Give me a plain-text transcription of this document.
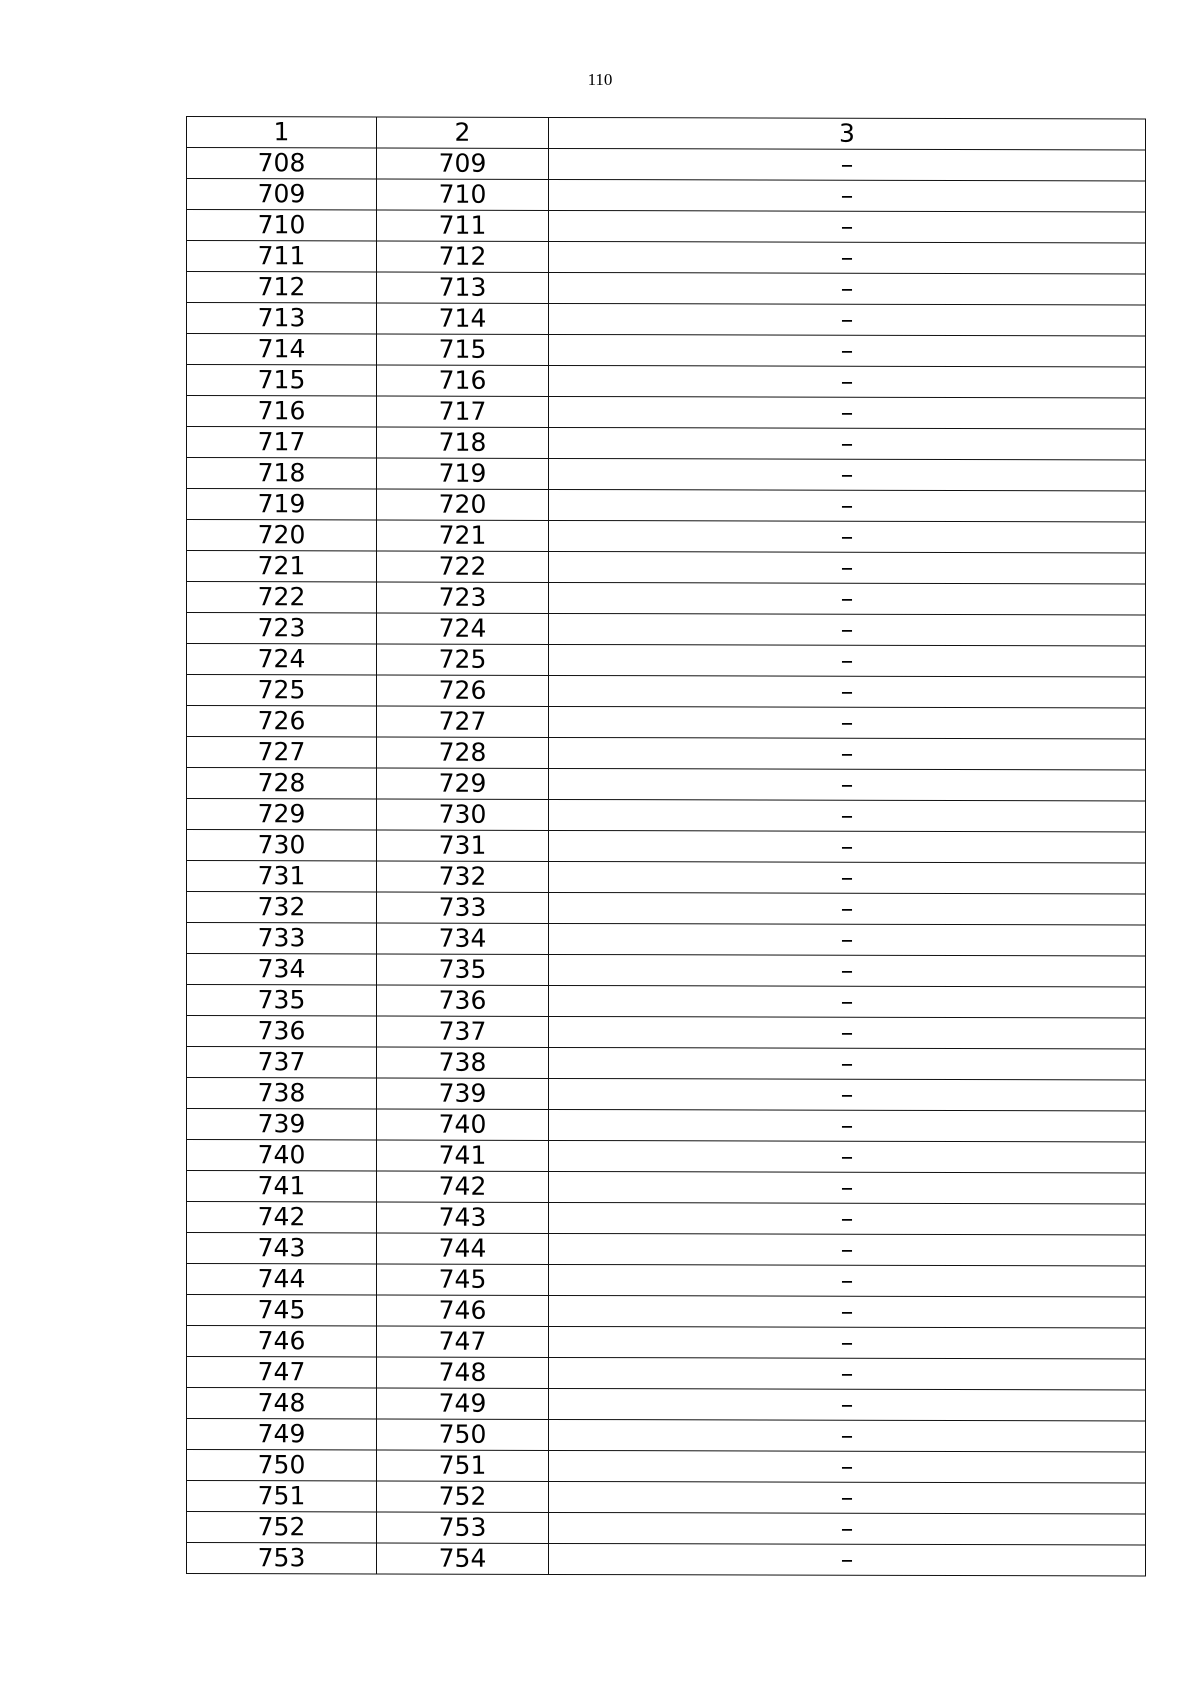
110
1	2	3
708	709	–
709	710	–
710	711	–
711	712	–
712	713	–
713	714	–
714	715	–
715	716	–
716	717	–
717	718	–
718	719	–
719	720	–
720	721	–
721	722	–
722	723	–
723	724	–
724	725	–
725	726	–
726	727	–
727	728	–
728	729	–
729	730	–
730	731	–
731	732	–
732	733	–
733	734	–
734	735	–
735	736	–
736	737	–
737	738	–
738	739	–
739	740	–
740	741	–
741	742	–
742	743	–
743	744	–
744	745	–
745	746	–
746	747	–
747	748	–
748	749	–
749	750	–
750	751	–
751	752	–
752	753	–
753	754	–
